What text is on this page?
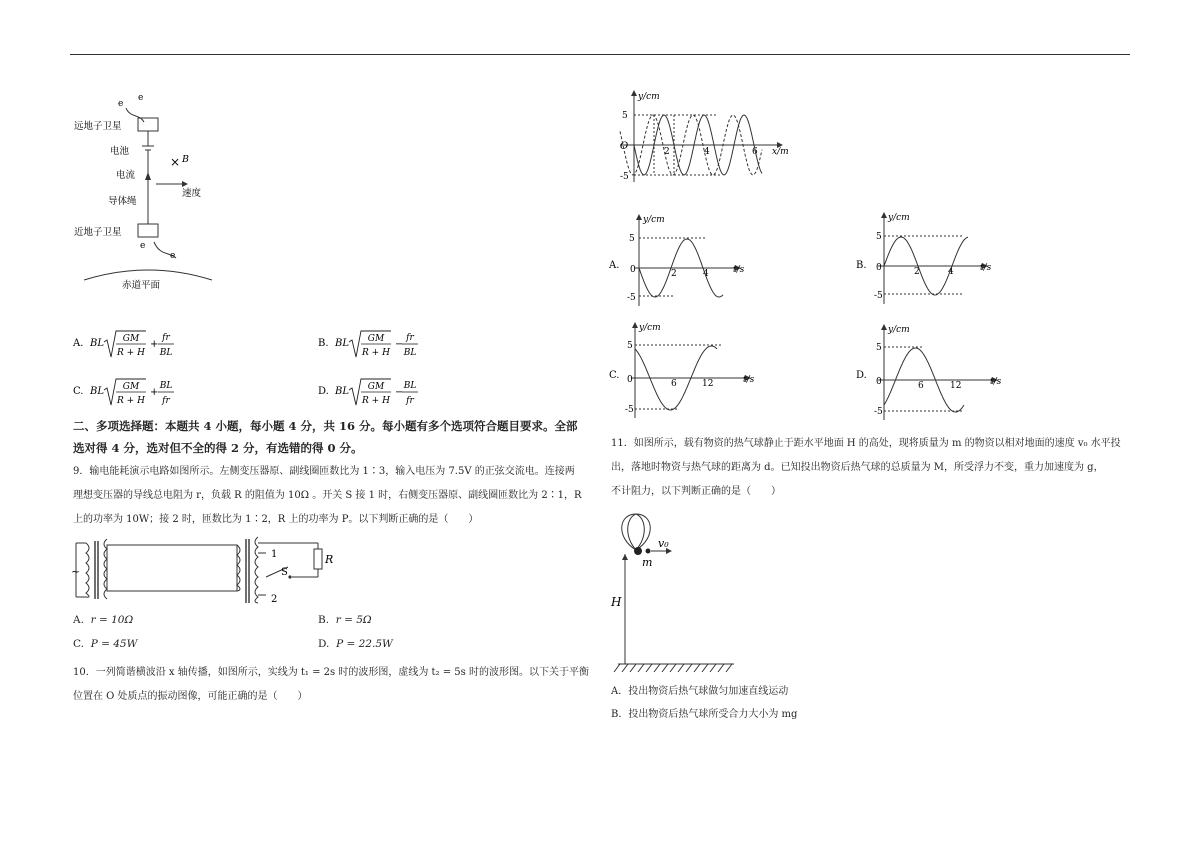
e
e
远地子卫星
电池
× B
电流
速度
导体绳
近地子卫星
e
e
赤道平面
A. BL GM
R + H
+
fr
BL
B. BL GM
R + H
−
fr
BL
C. BL GM
R + H
+
BL
fr
D. BL GM
R + H
−
BL
fr
二、多项选择题：本题共 4 小题，每小题 4 分，共 16 分。每小题有多个选项符合题目要求。全部
选对得 4 分，选对但不全的得 2 分，有选错的得 0 分。
9．输电能耗演示电路如图所示。左侧变压器原、副线圈匝数比为 1∶3，输入电压为 7.5V 的正弦交流电。连接两
理想变压器的导线总电阻为 r，负载 R 的阻值为 10Ω 。开关 S 接 1 时，右侧变压器原、副线圈匝数比为 2∶1，R
上的功率为 10W；接 2 时，匝数比为 1∶2，R 上的功率为 P。以下判断正确的是（　　）
~
1
2
S
R
A. r = 10Ω	B. r = 5Ω
C. P = 45W	D. P = 22.5W
10．一列简谐横波沿 x 轴传播，如图所示，实线为 t₁ = 2s 时的波形图，虚线为 t₂ = 5s 时的波形图。以下关于平衡
位置在 O 处质点的振动图像，可能正确的是（　　）
y/cm
x/m
O
5
-5
2	4	6
A.
y/cm
t/s
0
5
-5
2	4
B.
y/cm
t/s
0
5
-5
2	4
C.
y/cm
t/s
0
5
-5
6	12
D.
y/cm
t/s
0
5
-5
6	12
11．如图所示，载有物资的热气球静止于距水平地面 H 的高处，现将质量为 m 的物资以相对地面的速度 v₀ 水平投
出，落地时物资与热气球的距离为 d。已知投出物资后热气球的总质量为 M，所受浮力不变，重力加速度为 g，
不计阻力，以下判断正确的是（　　）
v₀
m
H
A．投出物资后热气球做匀加速直线运动
B．投出物资后热气球所受合力大小为 mg
